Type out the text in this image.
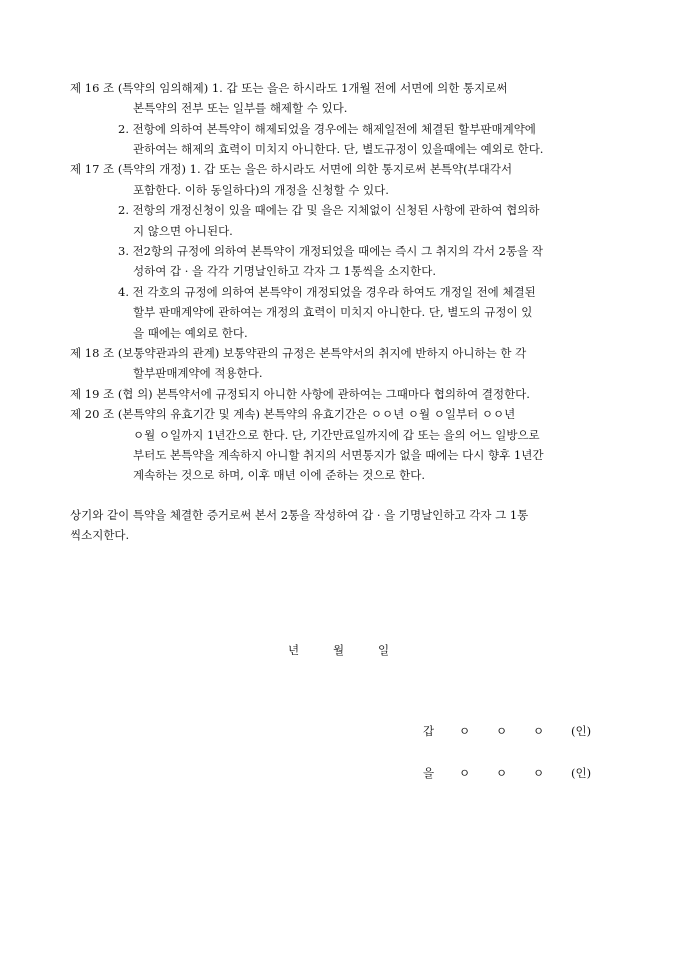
제 16 조 (특약의 임의해제) 1. 갑 또는 을은 하시라도 1개월 전에 서면에 의한 통지로써
본특약의 전부 또는 일부를 해제할 수 있다.
2. 전항에 의하여 본특약이 해제되었을 경우에는 해제일전에 체결된 할부판매계약에
관하여는 해제의 효력이 미치지 아니한다. 단, 별도규정이 있을때에는 예외로 한다.
제 17 조 (특약의 개정) 1. 갑 또는 을은 하시라도 서면에 의한 통지로써 본특약(부대각서
포함한다. 이하 동일하다)의 개정을 신청할 수 있다.
2. 전항의 개정신청이 있을 때에는 갑 및 을은 지체없이 신청된 사항에 관하여 협의하
지 않으면 아니된다.
3. 전2항의 규정에 의하여 본특약이 개정되었을 때에는 즉시 그 취지의 각서 2통을 작
성하여 갑 · 을 각각 기명날인하고 각자 그 1통씩을 소지한다.
4. 전 각호의 규정에 의하여 본특약이 개정되었을 경우라 하여도 개정일 전에 체결된
할부 판매계약에 관하여는 개정의 효력이 미치지 아니한다. 단, 별도의 규정이 있
을 때에는 예외로 한다.
제 18 조 (보통약관과의 관계) 보통약관의 규정은 본특약서의 취지에 반하지 아니하는 한 각
할부판매계약에 적용한다.
제 19 조 (협 의) 본특약서에 규정되지 아니한 사항에 관하여는 그때마다 협의하여 결정한다.
제 20 조 (본특약의 유효기간 및 계속) 본특약의 유효기간은 ㅇㅇ년 ㅇ월 ㅇ일부터 ㅇㅇ년
ㅇ월 ㅇ일까지 1년간으로 한다. 단, 기간만료일까지에 갑 또는 을의 어느 일방으로
부터도 본특약을 계속하지 아니할 취지의 서면통지가 없을 때에는 다시 향후 1년간
계속하는 것으로 하며, 이후 매년 이에 준하는 것으로 한다.
상기와 같이 특약을 체결한 증거로써 본서 2통을 작성하여 갑 · 을 기명날인하고 각자 그 1통
씩소지한다.
년	월	일
갑 ㅇ ㅇ ㅇ (인)
을 ㅇ ㅇ ㅇ (인)
